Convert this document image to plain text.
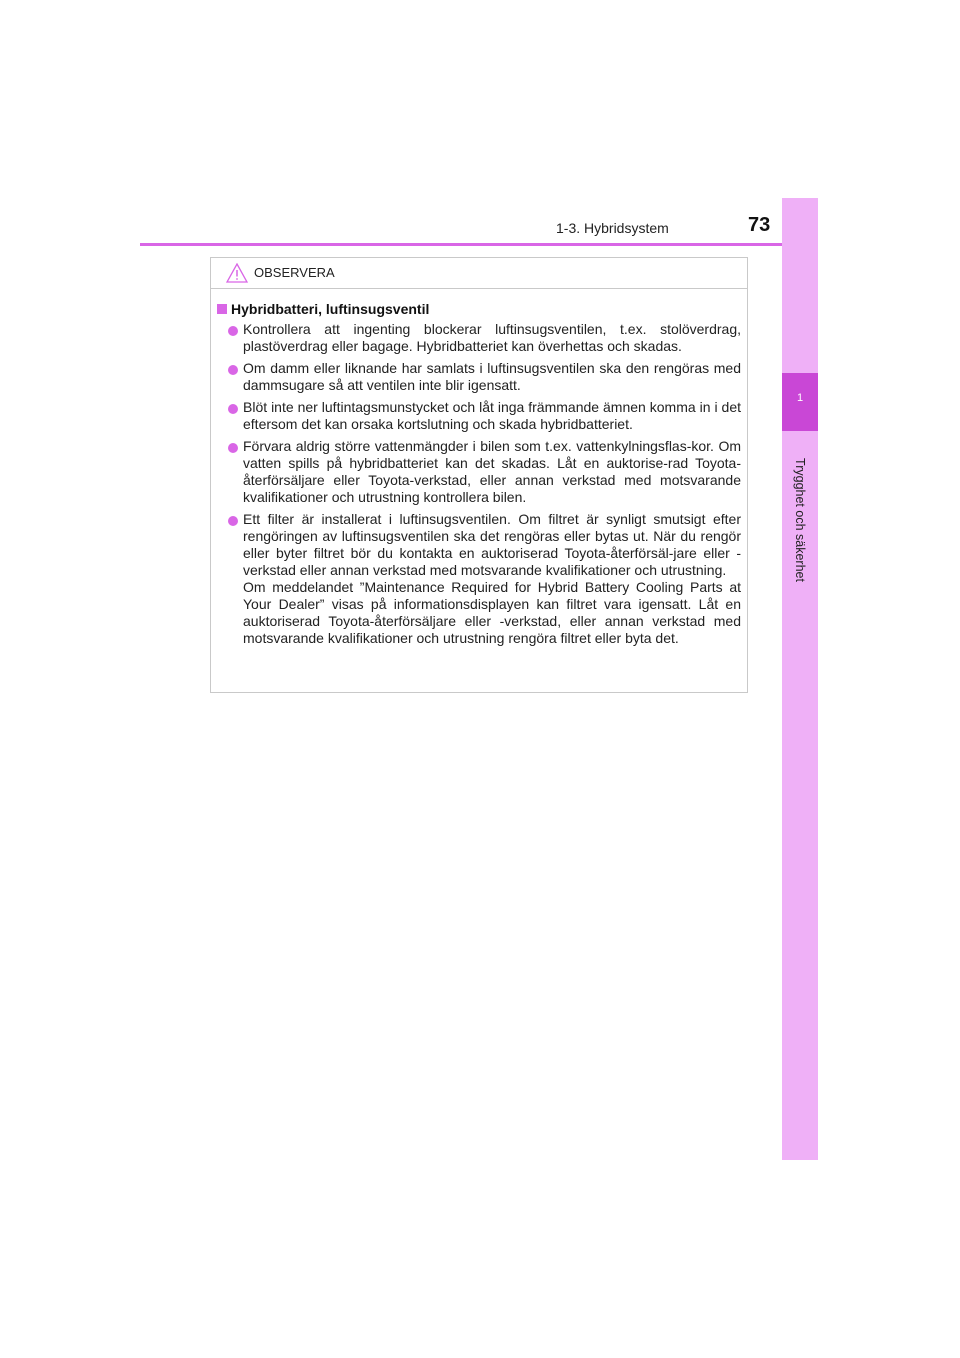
1-3. Hybridsystem	73
1
Trygghet och säkerhet
OBSERVERA
Hybridbatteri, luftinsugsventil
Kontrollera att ingenting blockerar luftinsugsventilen, t.ex. stolöverdrag, plastöverdrag eller bagage. Hybridbatteriet kan överhettas och skadas.
Om damm eller liknande har samlats i luftinsugsventilen ska den rengöras med dammsugare så att ventilen inte blir igensatt.
Blöt inte ner luftintagsmunstycket och låt inga främmande ämnen komma in i det eftersom det kan orsaka kortslutning och skada hybridbatteriet.
Förvara aldrig större vattenmängder i bilen som t.ex. vattenkylningsflas-kor. Om vatten spills på hybridbatteriet kan det skadas. Låt en auktorise-rad Toyota-återförsäljare eller Toyota-verkstad, eller annan verkstad med motsvarande kvalifikationer och utrustning kontrollera bilen.

Ett filter är installerat i luftinsugsventilen. Om filtret är synligt smutsigt efter rengöringen av luftinsugsventilen ska det rengöras eller bytas ut. När du rengör eller byter filtret bör du kontakta en auktoriserad Toyota-återförsäl-jare eller -verkstad eller annan verkstad med motsvarande kvalifikationer och utrustning.

Om meddelandet ”Maintenance Required for Hybrid Battery Cooling Parts at Your Dealer” visas på informationsdisplayen kan filtret vara igensatt. Låt en auktoriserad Toyota-återförsäljare eller -verkstad, eller annan verkstad med motsvarande kvalifikationer och utrustning rengöra filtret eller byta det.
